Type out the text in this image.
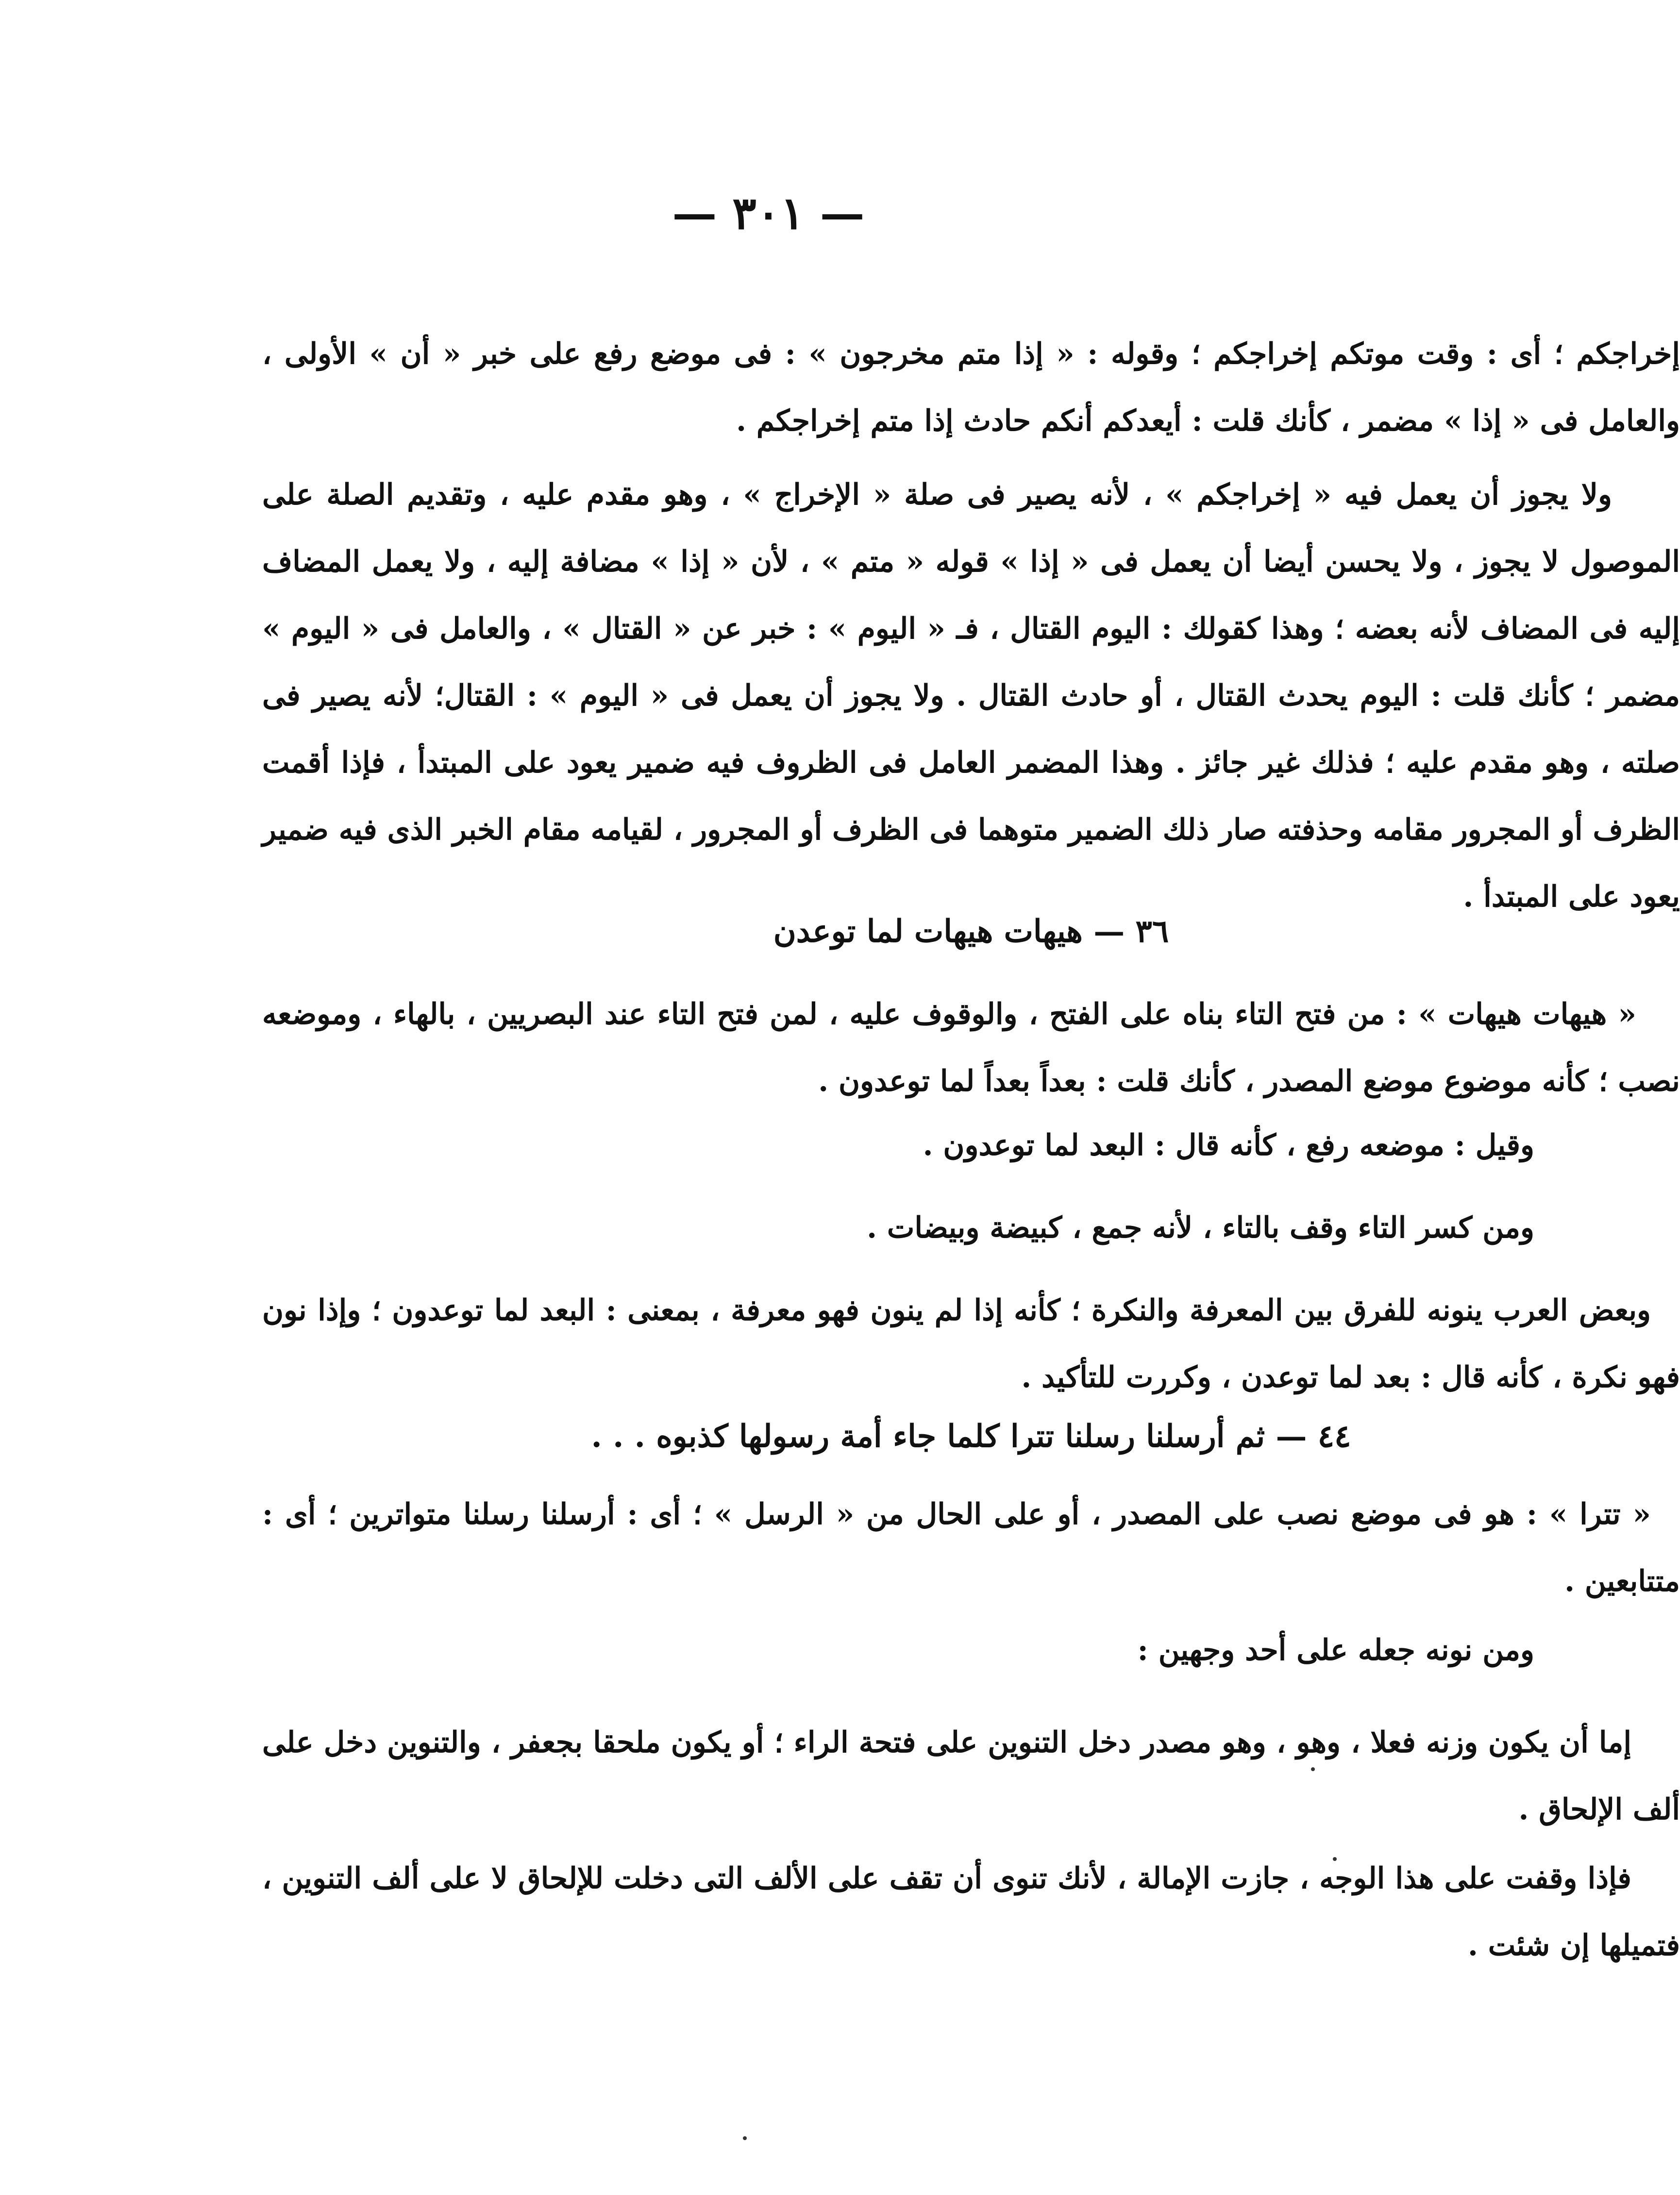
— ٣٠١ —

إخراجكم ؛ أى : وقت موتكم إخراجكم ؛ وقوله : « إذا متم مخرجون » : فى موضع رفع على خبر « أن » الأولى ، والعامل فى « إذا » مضمر ، كأنك قلت : أيعدكم أنكم حادث إذا متم إخراجكم .

ولا يجوز أن يعمل فيه « إخراجكم » ، لأنه يصير فى صلة « الإخراج » ، وهو مقدم عليه ، وتقديم الصلة على الموصول لا يجوز ، ولا يحسن أيضا أن يعمل فى « إذا » قوله « متم » ، لأن « إذا » مضافة إليه ، ولا يعمل المضاف إليه فى المضاف لأنه بعضه ؛ وهذا كقولك : اليوم القتال ، فـ « اليوم » : خبر عن « القتال » ، والعامل فى « اليوم » مضمر ؛ كأنك قلت : اليوم يحدث القتال ، أو حادث القتال . ولا يجوز أن يعمل فى « اليوم » : القتال؛ لأنه يصير فى صلته ، وهو مقدم عليه ؛ فذلك غير جائز . وهذا المضمر العامل فى الظروف فيه ضمير يعود على المبتدأ ، فإذا أقمت الظرف أو المجرور مقامه وحذفته صار ذلك الضمير متوهما فى الظرف أو المجرور ، لقيامه مقام الخبر الذى فيه ضمير يعود على المبتدأ .

٣٦ — هيهات هيهات لما توعدن

« هيهات هيهات » : من فتح التاء بناه على الفتح ، والوقوف عليه ، لمن فتح التاء عند البصريين ، بالهاء ، وموضعه نصب ؛ كأنه موضوع موضع المصدر ، كأنك قلت : بعداً بعداً لما توعدون .

وقيل : موضعه رفع ، كأنه قال : البعد لما توعدون .

ومن كسر التاء وقف بالتاء ، لأنه جمع ، كبيضة وبيضات .

وبعض العرب ينونه للفرق بين المعرفة والنكرة ؛ كأنه إذا لم ينون فهو معرفة ، بمعنى : البعد لما توعدون ؛ وإذا نون فهو نكرة ، كأنه قال : بعد لما توعدن ، وكررت للتأكيد .

٤٤ — ثم أرسلنا رسلنا تترا كلما جاء أمة رسولها كذبوه . . .

« تترا » : هو فى موضع نصب على المصدر ، أو على الحال من « الرسل » ؛ أى : أرسلنا رسلنا متواترين ؛ أى : متتابعين .

ومن نونه جعله على أحد وجهين :

إما أن يكون وزنه فعلا ، وهو ، وهو مصدر دخل التنوين على فتحة الراء ؛ أو يكون ملحقا بجعفر ، والتنوين دخل على ألف الإلحاق .

فإذا وقفت على هذا الوجه ، جازت الإمالة ، لأنك تنوى أن تقف على الألف التى دخلت للإلحاق لا على ألف التنوين ، فتميلها إن شئت .
